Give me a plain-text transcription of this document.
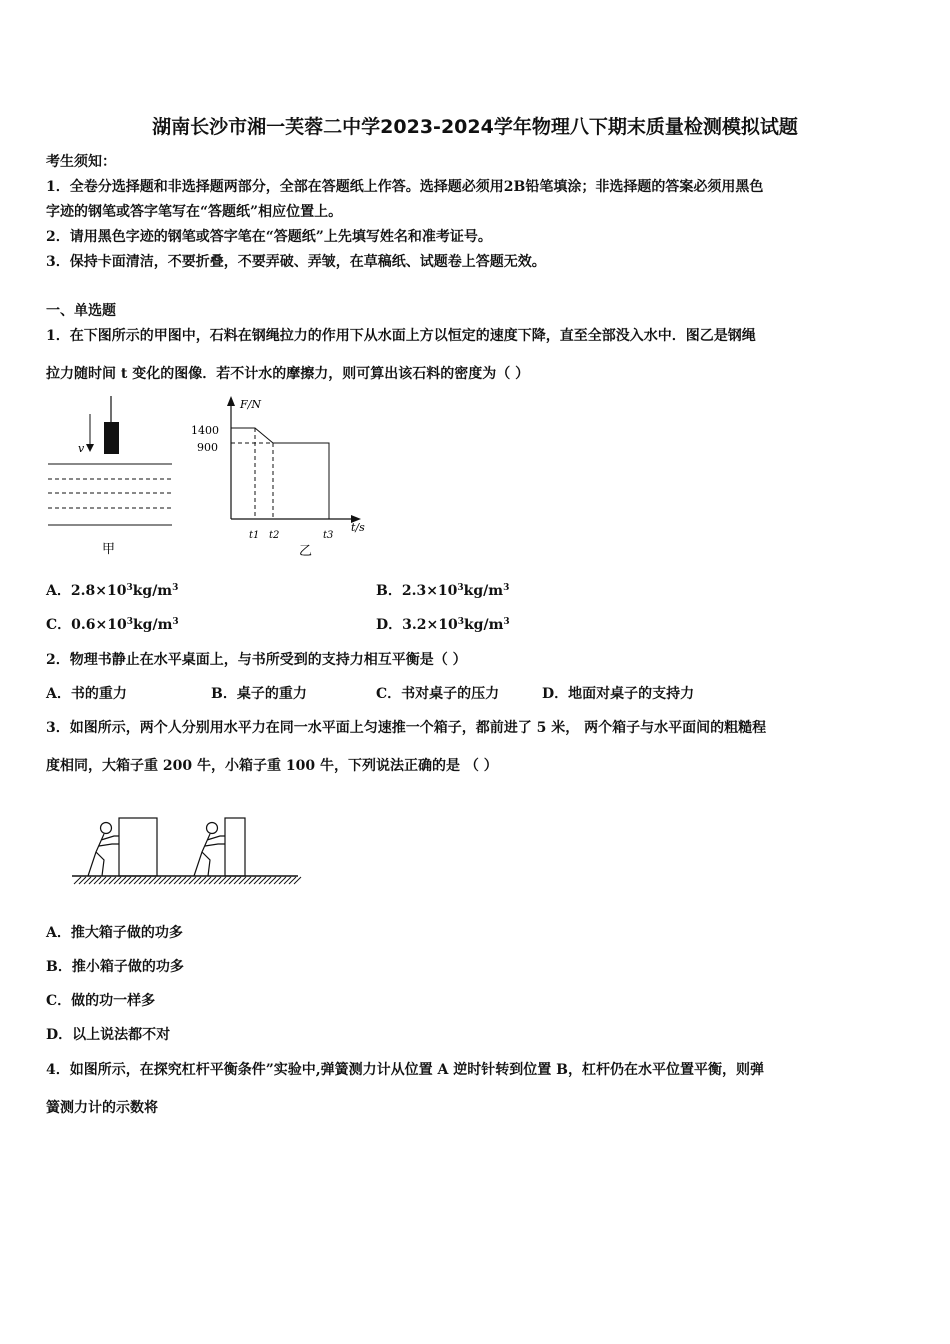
湖南长沙市湘一芙蓉二中学2023-2024学年物理八下期末质量检测模拟试题
考生须知：
1．全卷分选择题和非选择题两部分，全部在答题纸上作答。选择题必须用2B铅笔填涂；非选择题的答案必须用黑色
字迹的钢笔或答字笔写在“答题纸”相应位置上。
2．请用黑色字迹的钢笔或答字笔在“答题纸”上先填写姓名和准考证号。
3．保持卡面清洁，不要折叠，不要弄破、弄皱，在草稿纸、试题卷上答题无效。
一、单选题
1．在下图所示的甲图中，石料在钢绳拉力的作用下从水面上方以恒定的速度下降，直至全部没入水中．图乙是钢绳
拉力随时间 t 变化的图像．若不计水的摩擦力，则可算出该石料的密度为（ ）
v
甲
F/N
t/s
1400
900
t1 t2	t3
乙
A．$2.8\times 10^3kg/m^3$	B．$2.3\times 10^3kg/m^3$
C．$0.6\times 10^3kg/m^3$	D．$3.2\times 10^3kg/m^3$
2．物理书静止在水平桌面上，与书所受到的支持力相互平衡是（ ）
A．书的重力	B．桌子的重力	C．书对桌子的压力	D．地面对桌子的支持力
3．如图所示，两个人分别用水平力在同一水平面上匀速推一个箱子，都前进了 5 米， 两个箱子与水平面间的粗糙程
度相同，大箱子重 200 牛，小箱子重 100 牛，下列说法正确的是 （ ）
A．推大箱子做的功多
B．推小箱子做的功多
C．做的功一样多
D．以上说法都不对
4．如图所示，在探究杠杆平衡条件”实验中,弹簧测力计从位置 A 逆时针转到位置 B，杠杆仍在水平位置平衡，则弹
簧测力计的示数将
